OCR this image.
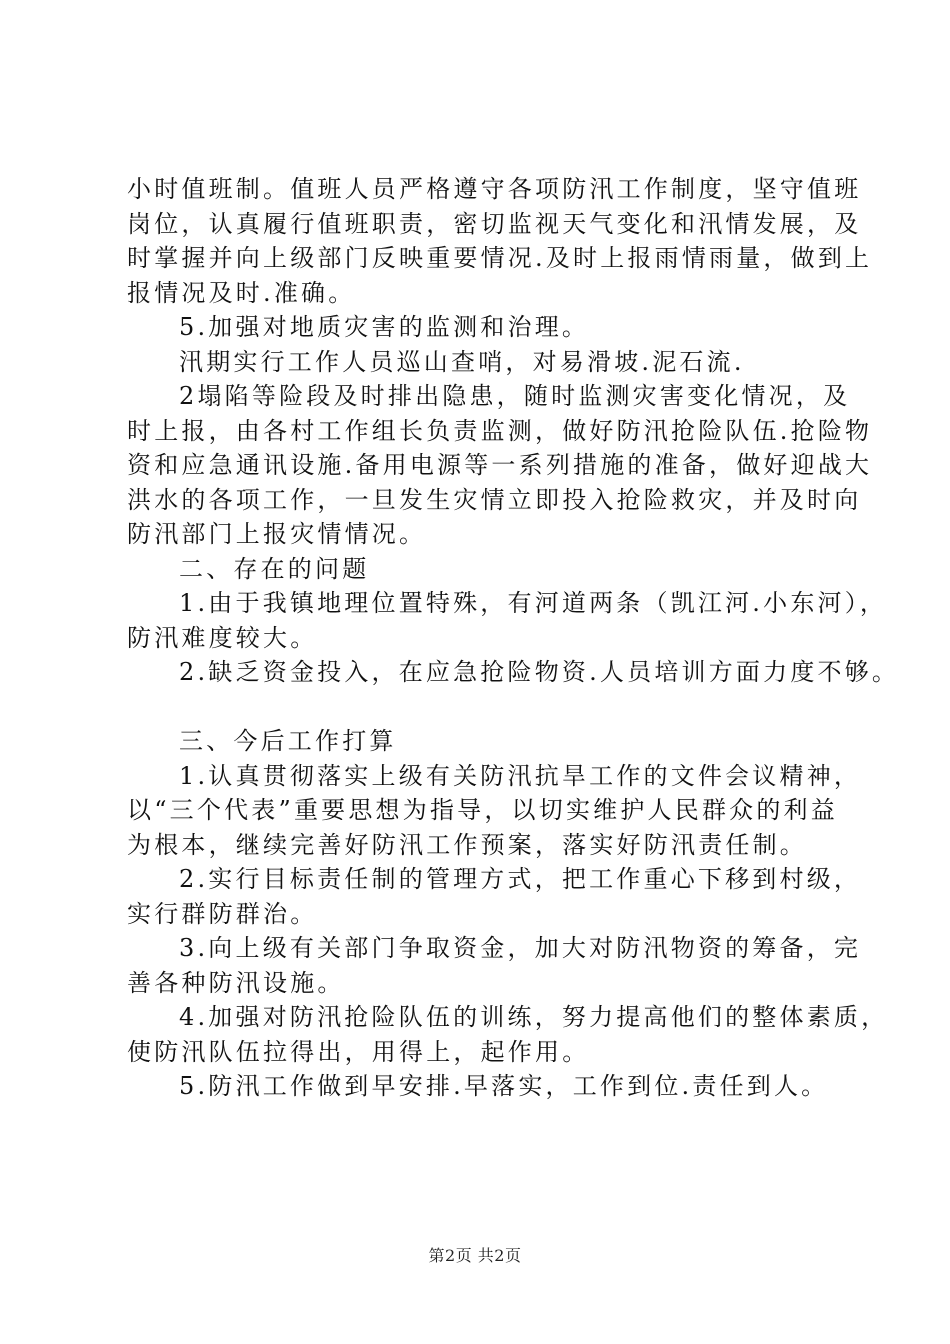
小时值班制。值班人员严格遵守各项防汛工作制度，坚守值班
岗位，认真履行值班职责，密切监视天气变化和汛情发展，及
时掌握并向上级部门反映重要情况.及时上报雨情雨量，做到上
报情况及时.准确。
5.加强对地质灾害的监测和治理。
汛期实行工作人员巡山查哨，对易滑坡.泥石流.
2塌陷等险段及时排出隐患，随时监测灾害变化情况，及
时上报，由各村工作组长负责监测，做好防汛抢险队伍.抢险物
资和应急通讯设施.备用电源等一系列措施的准备，做好迎战大
洪水的各项工作，一旦发生灾情立即投入抢险救灾，并及时向
防汛部门上报灾情情况。
二、存在的问题
1.由于我镇地理位置特殊，有河道两条（凯江河.小东河），
防汛难度较大。
2.缺乏资金投入，在应急抢险物资.人员培训方面力度不够。
三、今后工作打算
1.认真贯彻落实上级有关防汛抗旱工作的文件会议精神，
以“三个代表”重要思想为指导，以切实维护人民群众的利益
为根本，继续完善好防汛工作预案，落实好防汛责任制。
2.实行目标责任制的管理方式，把工作重心下移到村级，
实行群防群治。
3.向上级有关部门争取资金，加大对防汛物资的筹备，完
善各种防汛设施。
4.加强对防汛抢险队伍的训练，努力提高他们的整体素质，
使防汛队伍拉得出，用得上，起作用。
5.防汛工作做到早安排.早落实，工作到位.责任到人。
第2页 共2页
